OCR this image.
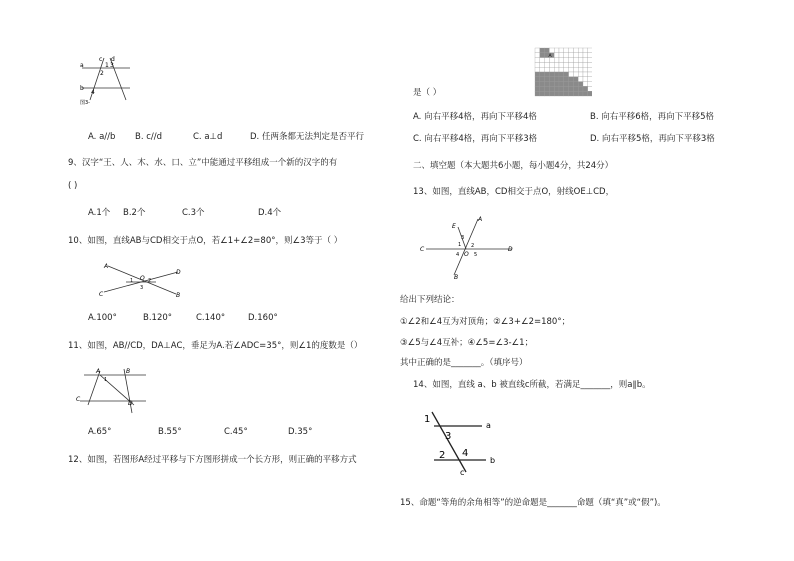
c d
a	1 3
2
b
4
图3-
A. a//b B. c//d	C. a⊥d	D. 任两条都无法判定是否平行
9、汉字“王、人、木、水、口、立”中能通过平移组成一个新的汉字的有
( )
A.1个 B.2个	C.3个	D.4个
10、如图，直线AB与CD相交于点O，若∠1+∠2=80°，则∠3等于（ ）
A
D
1 O 2
3
C	B
A.100°	B.120°	C.140°	D.160°
11、如图，AB//CD，DA⊥AC，垂足为A.若∠ADC=35°，则∠1的度数是（）
A	B
1
C
D
A.65°	B.55°	C.45°	D.35°
12、如图，若图形A经过平移与下方图形拼成一个长方形，则正确的平移方式
A
是（ ）
A. 向右平移4格，再向下平移4格	B. 向右平移6格，再向下平移5格
C. 向右平移4格，再向下平移3格	D. 向右平移5格，再向下平移3格
二、填空题（本大题共6小题，每小题4分，共24分）
13、如图，直线AB，CD相交于点O，射线OE⊥CD，
E
A
C	D
B
3
1 2
4 O 5
给出下列结论：
①∠2和∠4互为对顶角；②∠3+∠2=180°；
③∠5与∠4互补；④∠5=∠3-∠1；
其中正确的是_______。（填序号）
14、如图，直线 a、b 被直线c所截，若满足_______，则a∥b。
1
3
a
2 4
b
c
15、命题“等角的余角相等”的逆命题是_______命题（填“真”或“假”)。
